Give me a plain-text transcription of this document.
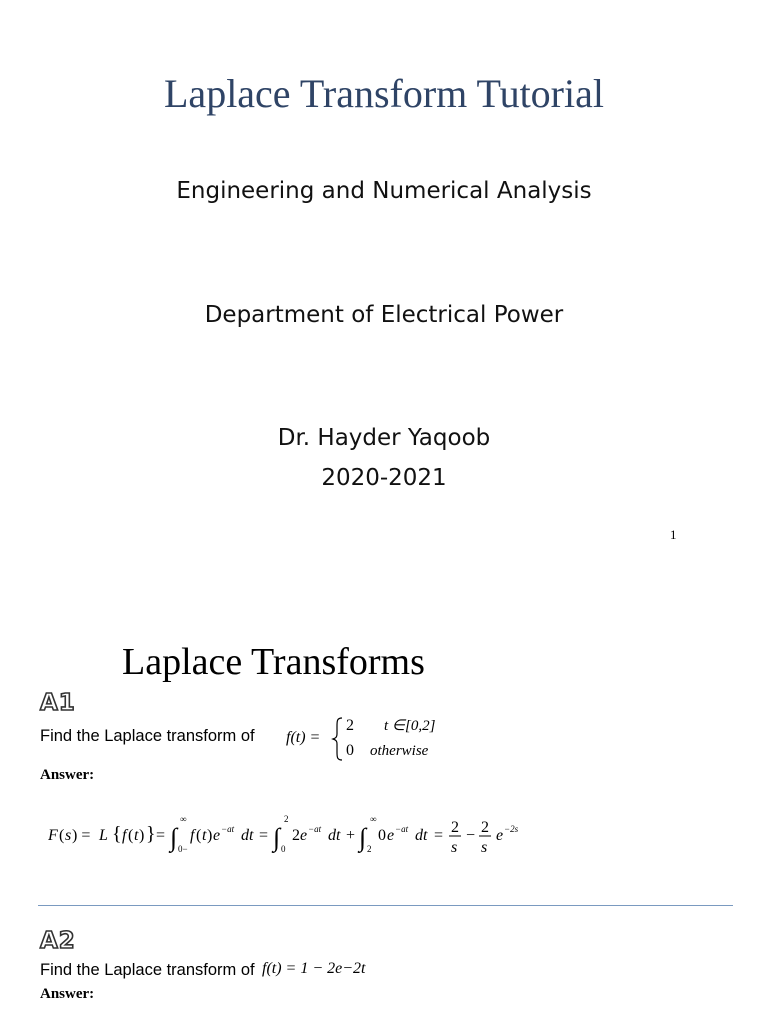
Laplace Transform Tutorial
Engineering and Numerical Analysis
Department of Electrical Power
Dr. Hayder Yaqoob
2020-2021
1
Laplace Transforms
A1
Find the Laplace transform of f(t) =
2 t ∈[0,2]
0 otherwise
Answer:
F ( s ) = L { f ( t ) } = ∫
∞
0−
f ( t ) e −at dt = ∫
2
0
2 e −at dt + ∫
∞
2
0 e −at dt = 2
s
− 2
s
e −2s
A2
Find the Laplace transform of f(t) = 1 − 2e−2t
Answer:
